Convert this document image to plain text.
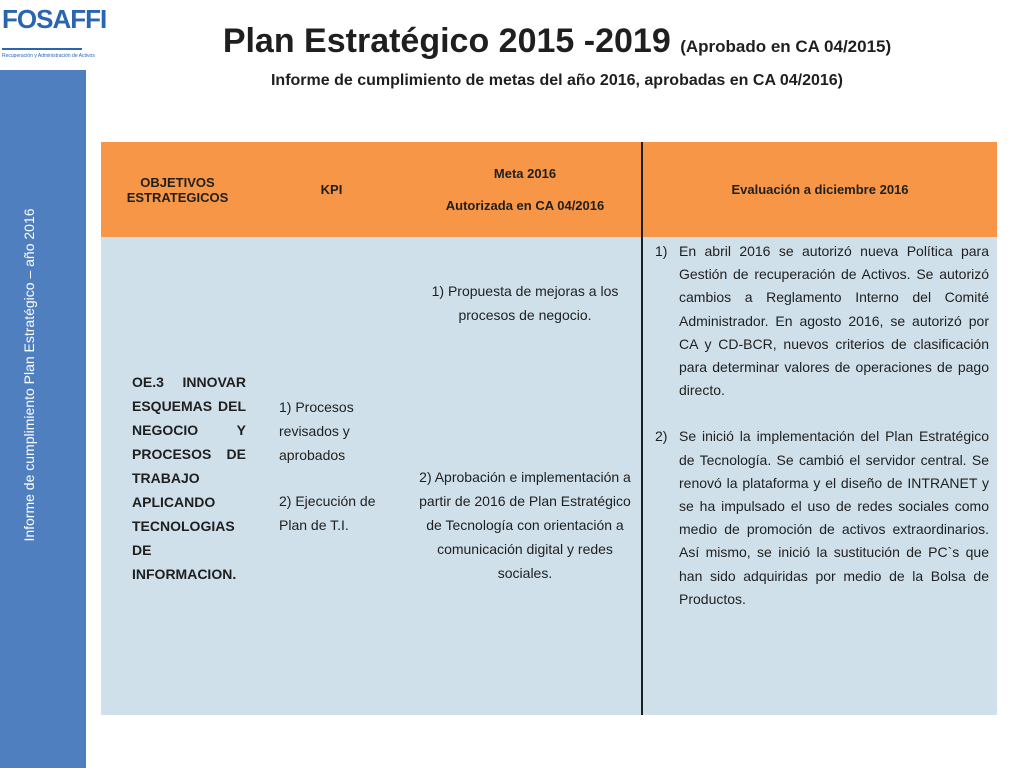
FOSAFFI
Recuperación y Administración de Activos
Informe de cumplimiento Plan Estratégico – año 2016
Plan Estratégico 2015 -2019 (Aprobado en CA 04/2015)
Informe de cumplimiento de metas del año 2016, aprobadas en CA 04/2016)
OBJETIVOS ESTRATEGICOS	KPI
Meta 2016
Autorizada en CA 04/2016
Evaluación a diciembre 2016
OE.3 INNOVAR
ESQUEMAS DEL
NEGOCIO	Y
PROCESOS DE
TRABAJO
APLICANDO
TECNOLOGIAS
DE
INFORMACION.
1) Procesos revisados y aprobados
2) Ejecución de Plan de T.I.
1) Propuesta de mejoras a los procesos de negocio.
2) Aprobación e implementación a partir de 2016 de Plan Estratégico de Tecnología con orientación a comunicación digital y redes sociales.
1) En abril 2016 se autorizó nueva Política para Gestión de recuperación de Activos. Se autorizó cambios a Reglamento Interno del Comité Administrador. En agosto 2016, se autorizó por CA y CD-BCR, nuevos criterios de clasificación para determinar valores de operaciones de pago directo.
2) Se inició la implementación del Plan Estratégico de Tecnología. Se cambió el servidor central. Se renovó la plataforma y el diseño de INTRANET y se ha impulsado el uso de redes sociales como medio de promoción de activos extraordinarios. Así mismo, se inició la sustitución de PC`s que han sido adquiridas por medio de la Bolsa de Productos.
